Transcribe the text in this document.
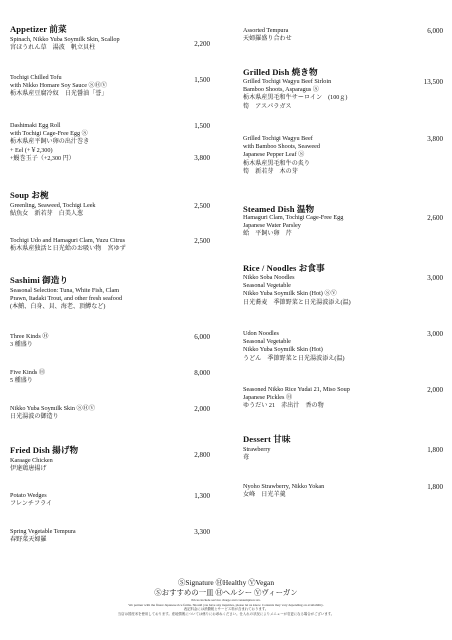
Appetizer 前菜
Spinach, Nikko Yuba Soymilk Skin, Scallop
宮ほうれん草　湯波　帆立貝柱
2,200
Tochigi Chilled Tofu
with Nikko Homare Soy Sauce ⓈⒽⓋ
栃木県産豆腐冷奴　日光醤油「誉」
1,500
Dashimaki Egg Roll
with Tochigi Cage-Free Egg Ⓢ
栃木県産平飼い卵の出汁巻き
+ Eel (+￥2,300)
+鰻巻玉子（+2,300 円）
1,500
3,800
Soup お椀
Greenling, Seaweed, Tochigi Leek
鮎魚女　新若芽　白美人葱
2,500
Tochigi Udo and Hamaguri Clam, Yuzu Citrus
栃木県産独活と日光蛤のお吸い物　宮ゆず
2,500
Sashimi 御造り
Seasonal Selection: Tuna, White Fish, Clam
Prawn, Itadaki Trout, and other fresh seafood
(本鮪、白身、貝、海老、頂鱒など)
Three Kinds Ⓗ
3 種盛り
6,000
Five Kinds Ⓗ
5 種盛り
8,000
Nikko Yuba Soymilk Skin ⓈⒽⓋ
日光湯波の御造り
2,000
Fried Dish 揚げ物
Karaage Chicken
伊達鶏唐揚げ
2,800
Potato Wedges
フレンチフライ
1,300
Spring Vegetable Tempura
春野菜天婦羅
3,300
Assorted Tempura
天婦羅盛り合わせ
6,000
Grilled Dish 焼き物
Grilled Tochigi Wagyu Beef Sirloin
Bamboo Shoots, Asparagus Ⓢ
栃木県産黒毛和牛サーロイン　(100ｇ)
筍　アスパラガス
13,500
Grilled Tochigi Wagyu Beef
with Bamboo Shoots, Seaweed
Japanese Pepper Leaf Ⓢ
栃木県産黒毛和牛の炙り
筍　新若芽　木の芽
3,800
Steamed Dish 温物
Hamaguri Clam, Tochigi Cage-Free Egg
Japanese Water Parsley
蛤　平飼い卵　芹
2,600
Rice / Noodles お食事
Nikko Soba Noodles
Seasonal Vegetable
Nikko Yuba Soymilk Skin (Hot) ⓈⓋ
日光蕎麦　季節野菜と日光湯波添え(温)
3,000
Udon Noodles
Seasonal Vegetable
Nikko Yuba Soymilk Skin (Hot)
うどん　季節野菜と日光湯波添え(温)
3,000
Seasoned Nikko Rice Yudai 21, Miso Soup
Japanese Pickles Ⓗ
ゆうだい 21　赤出汁　香の物
2,000
Dessert 甘味
Strawberry
苺
1,800
Nyoho Strawberry, Nikko Yokan
女峰　日光羊羹
1,800
ⓈSignature ⒽHealthy ⓋVegan
Ⓢおすすめの一皿 Ⓗヘルシー Ⓥヴィーガン
Prices include service charge and consumption tax.
We partner with the finest Japanese rice farms. Should you have any inquiries, please let us know. Contents may vary depending on availability.
表記料金には消費税とサービス料が含まれております。
当店は国産米を使用しております。産地情報については係りにお尋ねください。仕入れの状況によりメニューが変更になる場合がございます。
